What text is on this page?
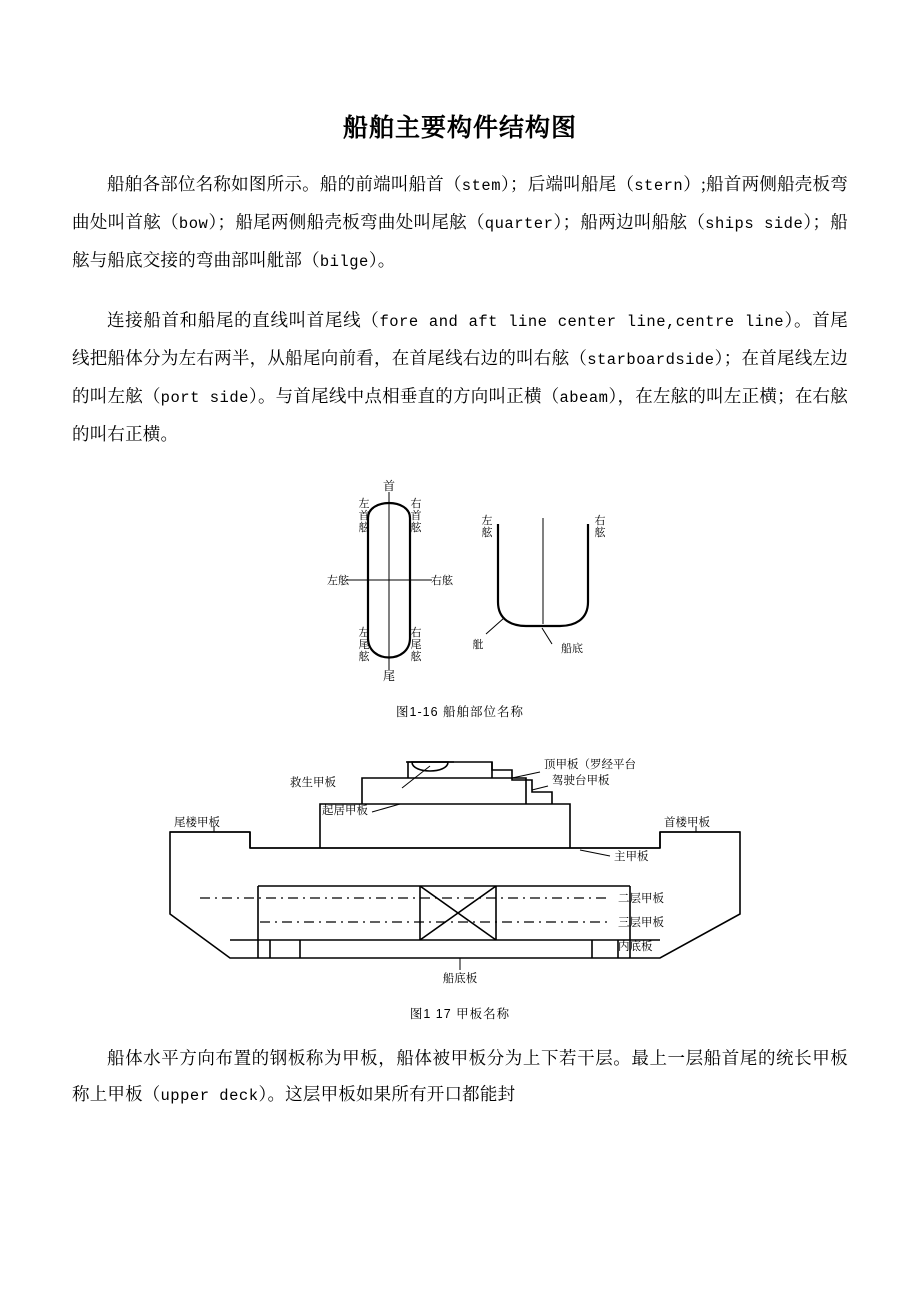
船舶主要构件结构图

船舶各部位名称如图所示。船的前端叫船首（stem）；后端叫船尾（stern）;船首两侧船壳板弯曲处叫首舷（bow）；船尾两侧船壳板弯曲处叫尾舷（quarter）；船两边叫船舷（ships side）；船舷与船底交接的弯曲部叫舭部（bilge）。

连接船首和船尾的直线叫首尾线（fore and aft line center line,centre line）。首尾线把船体分为左右两半，从船尾向前看，在首尾线右边的叫右舷（starboardside）；在首尾线左边的叫左舷（port side）。与首尾线中点相垂直的方向叫正横（abeam），在左舷的叫左正横；在右舷的叫右正横。

首
左
首
舷
右
首
舷
左舷	右舷
左
尾
舷
右
尾
舷
尾
左
舷
右
舷
舭	船底
图1-16 船舶部位名称
救生甲板
顶甲板（罗经平台
驾驶台甲板
起居甲板
尾楼甲板	首楼甲板
主甲板
二层甲板
三层甲板
内底板
船底板
图1 17 甲板名称

船体水平方向布置的钢板称为甲板，船体被甲板分为上下若干层。最上一层船首尾的统长甲板称上甲板（upper deck）。这层甲板如果所有开口都能封
